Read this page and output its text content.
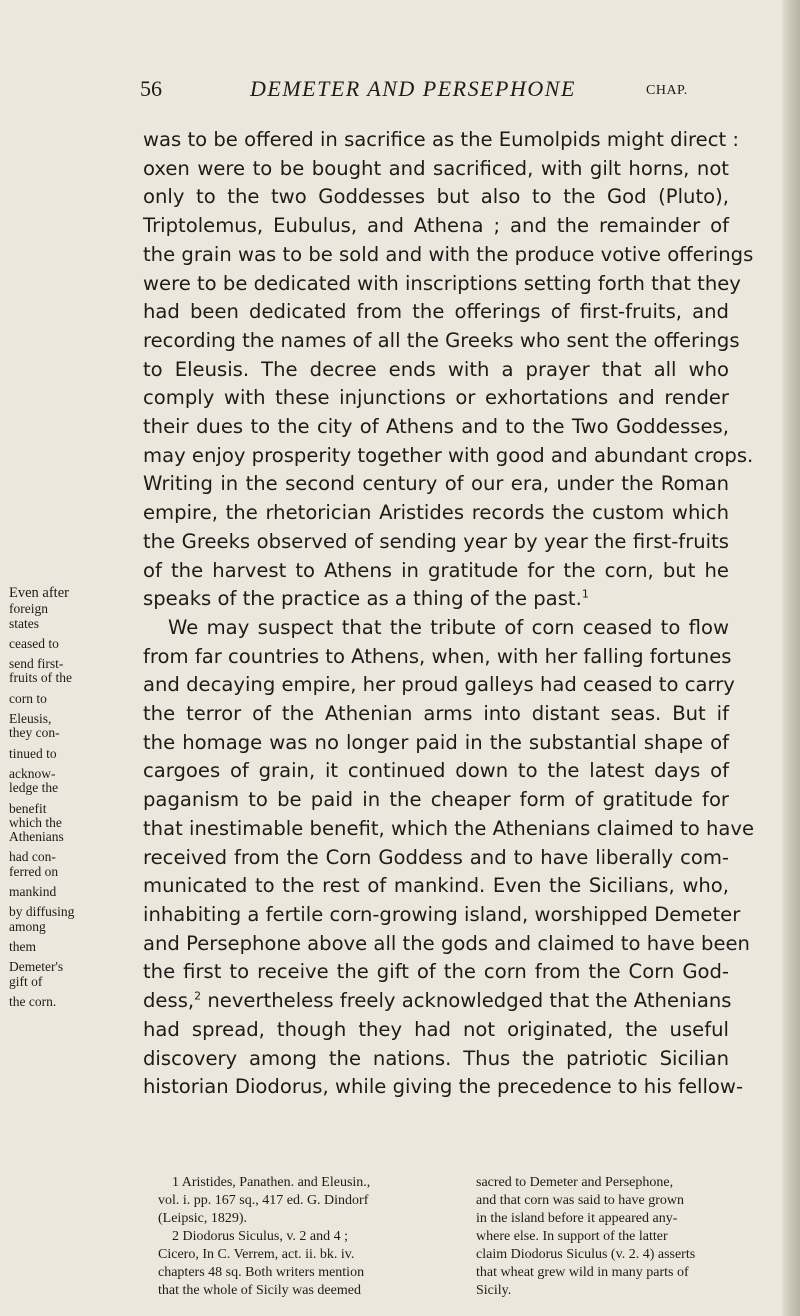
56	DEMETER AND PERSEPHONE	CHAP.
was to be offered in sacrifice as the Eumolpids might direct :
oxen were to be bought and sacrificed, with gilt horns, not
only to the two Goddesses but also to the God (Pluto),
Triptolemus, Eubulus, and Athena ; and the remainder of
the grain was to be sold and with the produce votive offerings
were to be dedicated with inscriptions setting forth that they
had been dedicated from the offerings of first-fruits, and
recording the names of all the Greeks who sent the offerings
to Eleusis. The decree ends with a prayer that all who
comply with these injunctions or exhortations and render
their dues to the city of Athens and to the Two Goddesses,
may enjoy prosperity together with good and abundant crops.
Writing in the second century of our era, under the Roman
empire, the rhetorician Aristides records the custom which
the Greeks observed of sending year by year the first-fruits
of the harvest to Athens in gratitude for the corn, but he
speaks of the practice as a thing of the past.$^1$
We may suspect that the tribute of corn ceased to flow
from far countries to Athens, when, with her falling fortunes
and decaying empire, her proud galleys had ceased to carry
the terror of the Athenian arms into distant seas. But if
the homage was no longer paid in the substantial shape of
cargoes of grain, it continued down to the latest days of
paganism to be paid in the cheaper form of gratitude for
that inestimable benefit, which the Athenians claimed to have
received from the Corn Goddess and to have liberally com-
municated to the rest of mankind. Even the Sicilians, who,
inhabiting a fertile corn-growing island, worshipped Demeter
and Persephone above all the gods and claimed to have been
the first to receive the gift of the corn from the Corn God-
dess,$^2$ nevertheless freely acknowledged that the Athenians
had spread, though they had not originated, the useful
discovery among the nations. Thus the patriotic Sicilian
historian Diodorus, while giving the precedence to his fellow-
Even after
foreign
states
ceased to
send first-
fruits of the
corn to
Eleusis,
they con-
tinued to
acknow-
ledge the
benefit
which the
Athenians
had con-
ferred on
mankind
by diffusing
among
them
Demeter's
gift of
the corn.
1 Aristides, Panathen. and Eleusin.,
vol. i. pp. 167 sq., 417 ed. G. Dindorf
(Leipsic, 1829).
2 Diodorus Siculus, v. 2 and 4 ;
Cicero, In C. Verrem, act. ii. bk. iv.
chapters 48 sq. Both writers mention
that the whole of Sicily was deemed
sacred to Demeter and Persephone,
and that corn was said to have grown
in the island before it appeared any-
where else. In support of the latter
claim Diodorus Siculus (v. 2. 4) asserts
that wheat grew wild in many parts of
Sicily.
